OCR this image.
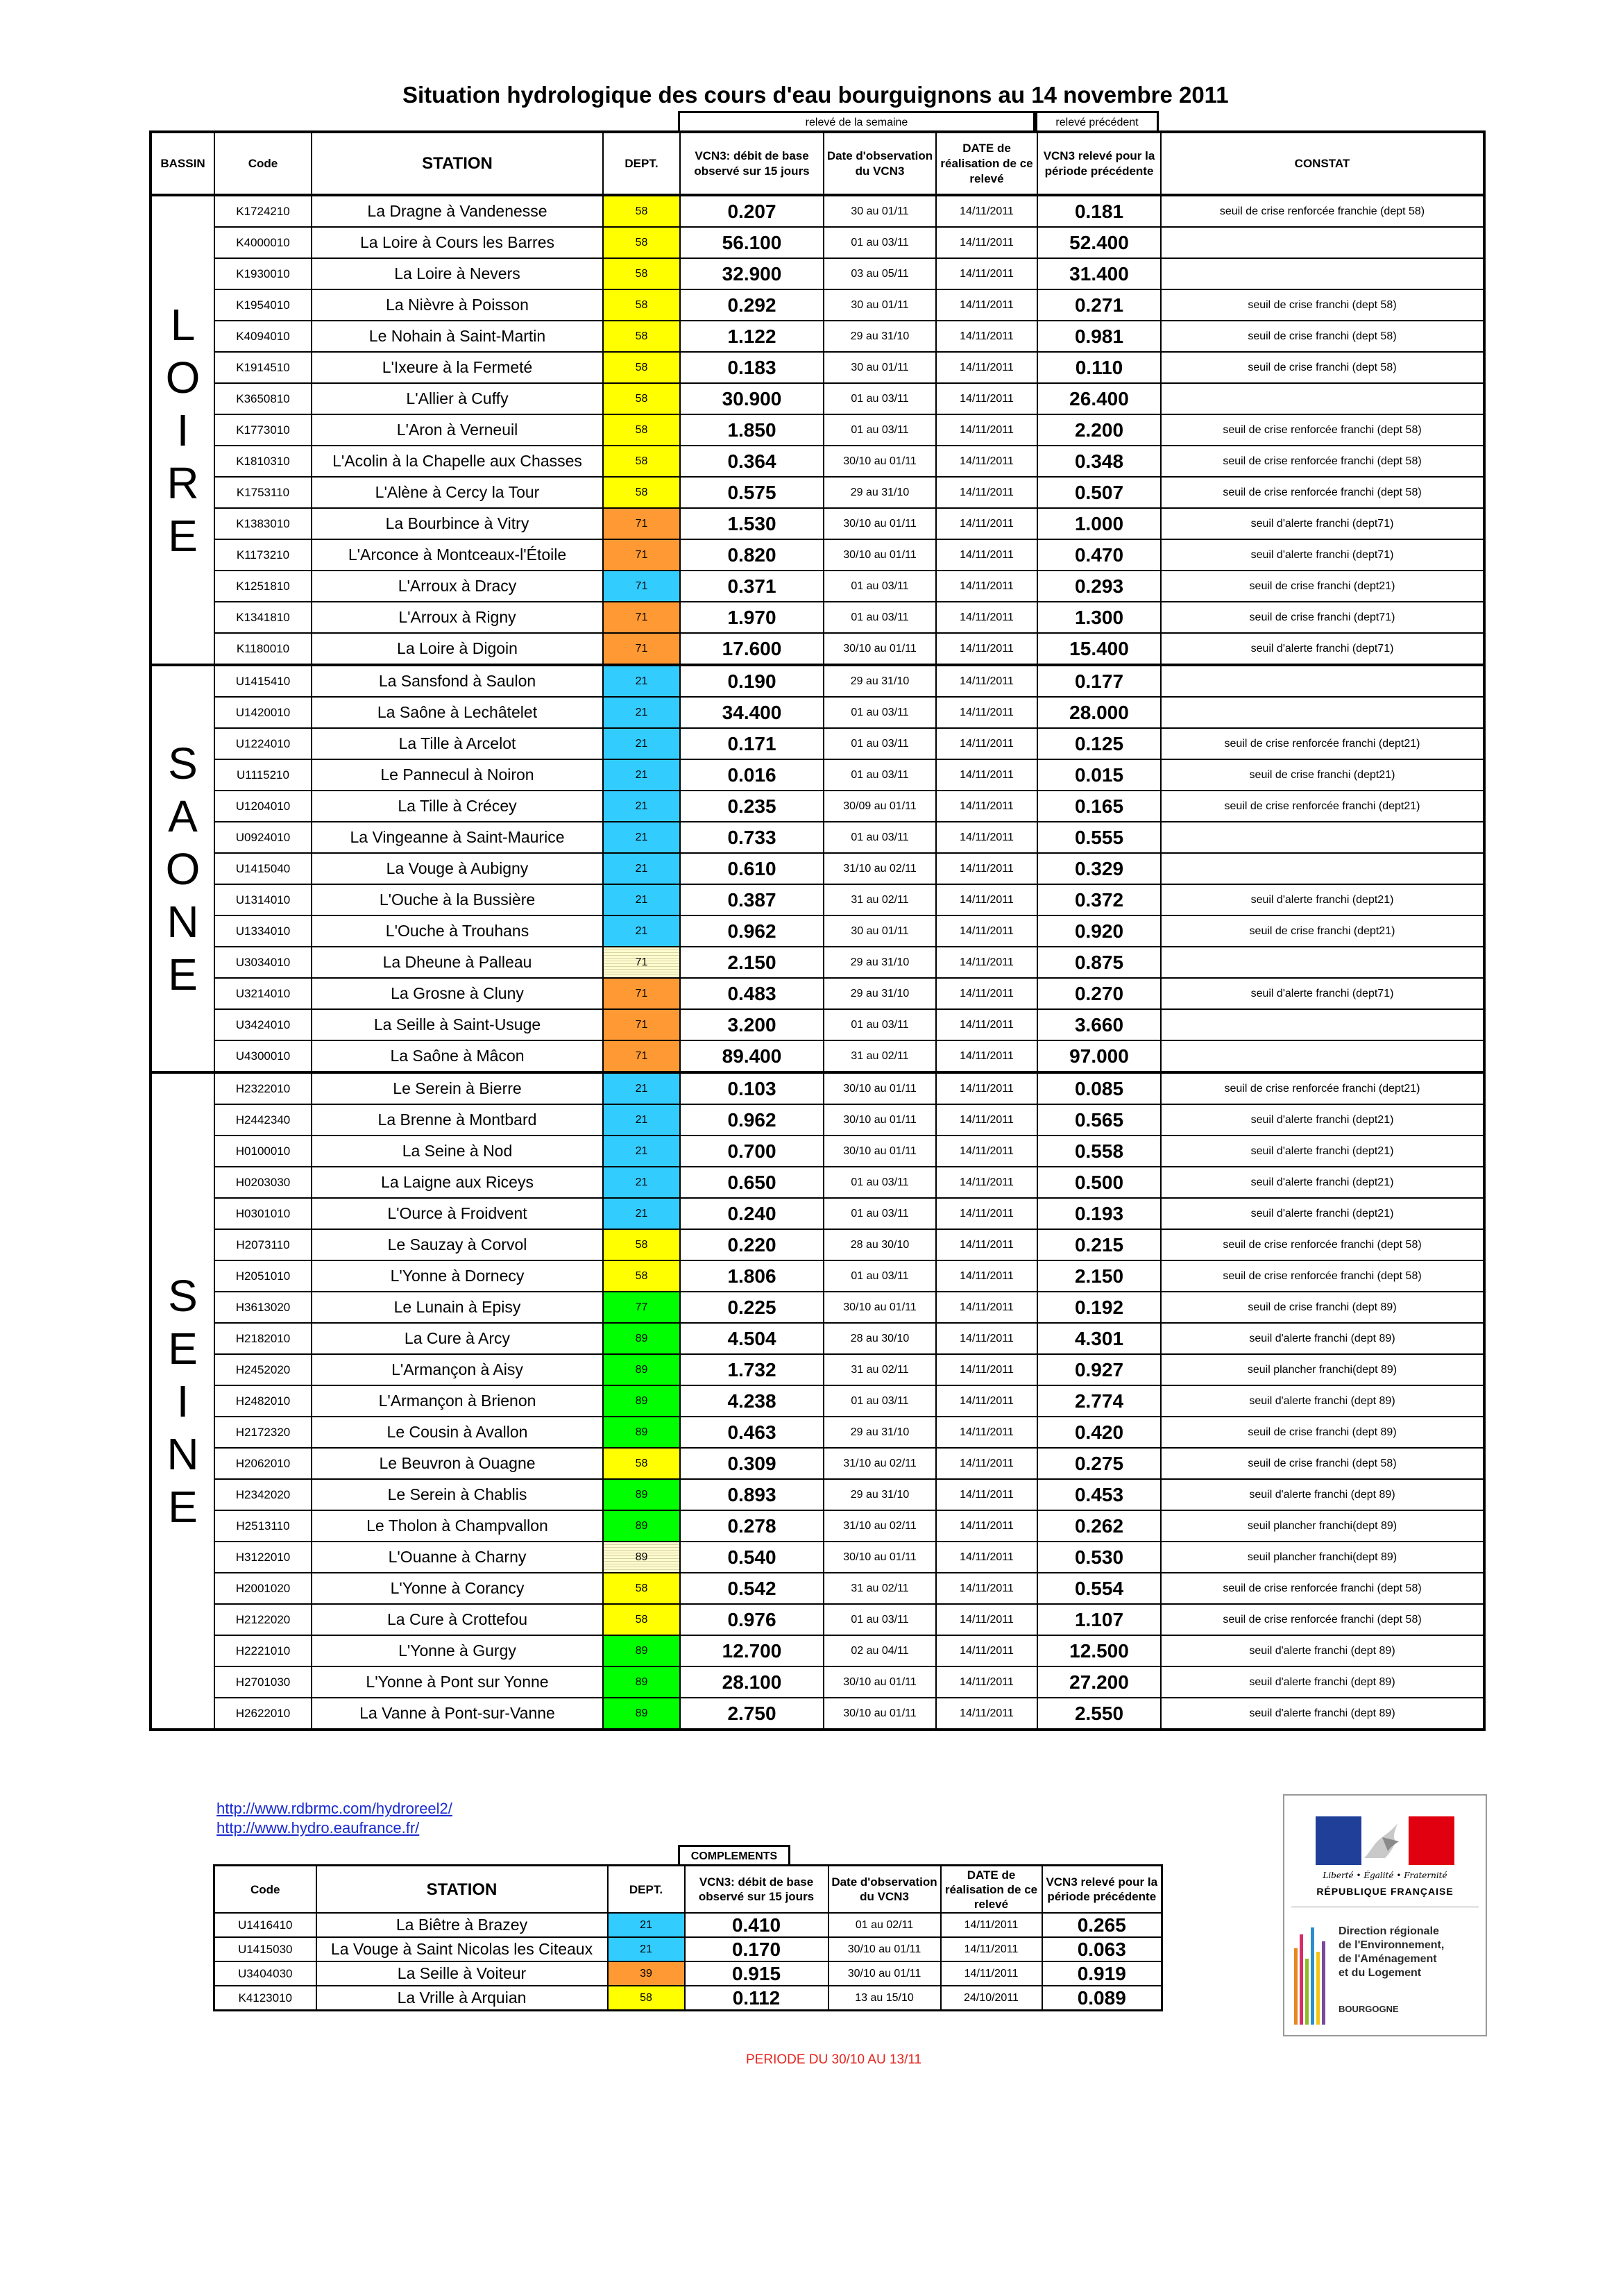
Situation hydrologique des cours d'eau bourguignons au 14 novembre 2011
relevé de la semaine	relevé précédent
BASSIN	Code	STATION	DEPT.	VCN3: débit de base observé sur 15 jours	Date d'observation du VCN3	DATE de réalisation de ce relevé	VCN3 relevé pour la période précédente	CONSTAT

L
O
I
R
E	K1724210	La Dragne à Vandenesse	58	0.207	30 au 01/11	14/11/2011	0.181	seuil de crise renforcée franchie (dept 58)
	K4000010	La Loire à Cours les Barres	58	56.100	01 au 03/11	14/11/2011	52.400	
	K1930010	La Loire à Nevers	58	32.900	03 au 05/11	14/11/2011	31.400	
	K1954010	La Nièvre à Poisson	58	0.292	30 au 01/11	14/11/2011	0.271	seuil de crise franchi (dept 58)
	K4094010	Le Nohain à Saint-Martin	58	1.122	29 au 31/10	14/11/2011	0.981	seuil de crise franchi (dept 58)
	K1914510	L'Ixeure à la Fermeté	58	0.183	30 au 01/11	14/11/2011	0.110	seuil de crise franchi (dept 58)
	K3650810	L'Allier à Cuffy	58	30.900	01 au 03/11	14/11/2011	26.400	
	K1773010	L'Aron à Verneuil	58	1.850	01 au 03/11	14/11/2011	2.200	seuil de crise renforcée franchi (dept 58)
	K1810310	L'Acolin à la Chapelle aux Chasses	58	0.364	30/10 au 01/11	14/11/2011	0.348	seuil de crise renforcée franchi (dept 58)
	K1753110	L'Alène à Cercy la Tour	58	0.575	29 au 31/10	14/11/2011	0.507	seuil de crise renforcée franchi (dept 58)
	K1383010	La Bourbince à Vitry	71	1.530	30/10 au 01/11	14/11/2011	1.000	seuil d'alerte franchi (dept71)
	K1173210	L'Arconce à Montceaux-l'Étoile	71	0.820	30/10 au 01/11	14/11/2011	0.470	seuil d'alerte franchi (dept71)
	K1251810	L'Arroux à Dracy	71	0.371	01 au 03/11	14/11/2011	0.293	seuil de crise franchi (dept21)
	K1341810	L'Arroux à Rigny	71	1.970	01 au 03/11	14/11/2011	1.300	seuil de crise franchi (dept71)
	K1180010	La Loire à Digoin	71	17.600	30/10 au 01/11	14/11/2011	15.400	seuil d'alerte franchi (dept71)

S
A
O
N
E	U1415410	La Sansfond à Saulon	21	0.190	29 au 31/10	14/11/2011	0.177	
	U1420010	La Saône à Lechâtelet	21	34.400	01 au 03/11	14/11/2011	28.000	
	U1224010	La Tille à Arcelot	21	0.171	01 au 03/11	14/11/2011	0.125	seuil de crise renforcée franchi (dept21)
	U1115210	Le Pannecul à Noiron	21	0.016	01 au 03/11	14/11/2011	0.015	seuil de crise franchi (dept21)
	U1204010	La Tille à Crécey	21	0.235	30/09 au 01/11	14/11/2011	0.165	seuil de crise renforcée franchi (dept21)
	U0924010	La Vingeanne à Saint-Maurice	21	0.733	01 au 03/11	14/11/2011	0.555	
	U1415040	La Vouge à Aubigny	21	0.610	31/10 au 02/11	14/11/2011	0.329	
	U1314010	L'Ouche à la Bussière	21	0.387	31 au 02/11	14/11/2011	0.372	seuil d'alerte franchi (dept21)
	U1334010	L'Ouche à Trouhans	21	0.962	30 au 01/11	14/11/2011	0.920	seuil de crise franchi (dept21)
	U3034010	La Dheune à Palleau	71	2.150	29 au 31/10	14/11/2011	0.875	
	U3214010	La Grosne à Cluny	71	0.483	29 au 31/10	14/11/2011	0.270	seuil d'alerte franchi (dept71)
	U3424010	La Seille à Saint-Usuge	71	3.200	01 au 03/11	14/11/2011	3.660	
	U4300010	La Saône à Mâcon	71	89.400	31 au 02/11	14/11/2011	97.000	

S
E
I
N
E	H2322010	Le Serein à Bierre	21	0.103	30/10 au 01/11	14/11/2011	0.085	seuil de crise renforcée franchi (dept21)
	H2442340	La Brenne à Montbard	21	0.962	30/10 au 01/11	14/11/2011	0.565	seuil d'alerte franchi (dept21)
	H0100010	La Seine à Nod	21	0.700	30/10 au 01/11	14/11/2011	0.558	seuil d'alerte franchi (dept21)
	H0203030	La Laigne aux Riceys	21	0.650	01 au 03/11	14/11/2011	0.500	seuil d'alerte franchi (dept21)
	H0301010	L'Ource à Froidvent	21	0.240	01 au 03/11	14/11/2011	0.193	seuil d'alerte franchi (dept21)
	H2073110	Le Sauzay à Corvol	58	0.220	28 au 30/10	14/11/2011	0.215	seuil de crise renforcée franchi (dept 58)
	H2051010	L'Yonne à Dornecy	58	1.806	01 au 03/11	14/11/2011	2.150	seuil de crise renforcée franchi (dept 58)
	H3613020	Le Lunain à Episy	77	0.225	30/10 au 01/11	14/11/2011	0.192	seuil de crise franchi (dept 89)
	H2182010	La Cure à Arcy	89	4.504	28 au 30/10	14/11/2011	4.301	seuil d'alerte franchi (dept 89)
	H2452020	L'Armançon à Aisy	89	1.732	31 au 02/11	14/11/2011	0.927	seuil plancher franchi(dept 89)
	H2482010	L'Armançon à Brienon	89	4.238	01 au 03/11	14/11/2011	2.774	seuil d'alerte franchi (dept 89)
	H2172320	Le Cousin à Avallon	89	0.463	29 au 31/10	14/11/2011	0.420	seuil de crise franchi (dept 89)
	H2062010	Le Beuvron à Ouagne	58	0.309	31/10 au 02/11	14/11/2011	0.275	seuil de crise franchi (dept 58)
	H2342020	Le Serein à Chablis	89	0.893	29 au 31/10	14/11/2011	0.453	seuil d'alerte franchi (dept 89)
	H2513110	Le Tholon à Champvallon	89	0.278	31/10 au 02/11	14/11/2011	0.262	seuil plancher franchi(dept 89)
	H3122010	L'Ouanne à Charny	89	0.540	30/10 au 01/11	14/11/2011	0.530	seuil plancher franchi(dept 89)
	H2001020	L'Yonne à Corancy	58	0.542	31 au 02/11	14/11/2011	0.554	seuil de crise renforcée franchi (dept 58)
	H2122020	La Cure à Crottefou	58	0.976	01 au 03/11	14/11/2011	1.107	seuil de crise renforcée franchi (dept 58)
	H2221010	L'Yonne à Gurgy	89	12.700	02 au 04/11	14/11/2011	12.500	seuil d'alerte franchi (dept 89)
	H2701030	L'Yonne à Pont sur Yonne	89	28.100	30/10 au 01/11	14/11/2011	27.200	seuil d'alerte franchi (dept 89)
	H2622010	La Vanne à Pont-sur-Vanne	89	2.750	30/10 au 01/11	14/11/2011	2.550	seuil d'alerte franchi (dept 89)
http://www.rdbrmc.com/hydroreel2/
http://www.hydro.eaufrance.fr/
COMPLEMENTS
Code	STATION	DEPT.	VCN3: débit de base observé sur 15 jours	Date d'observation du VCN3	DATE de réalisation de ce relevé	VCN3 relevé pour la période précédente
U1416410	La Biêtre à Brazey	21	0.410	01 au 02/11	14/11/2011	0.265
U1415030	La Vouge à Saint Nicolas les Citeaux	21	0.170	30/10 au 01/11	14/11/2011	0.063
U3404030	La Seille à Voiteur	39	0.915	30/10 au 01/11	14/11/2011	0.919
K4123010	La Vrille à Arquian	58	0.112	13 au 15/10	24/10/2011	0.089
Liberté • Égalité • Fraternité
RÉPUBLIQUE FRANÇAISE
Direction régionale
de l'Environnement,
de l'Aménagement
et du Logement
BOURGOGNE
PERIODE DU 30/10 AU 13/11
